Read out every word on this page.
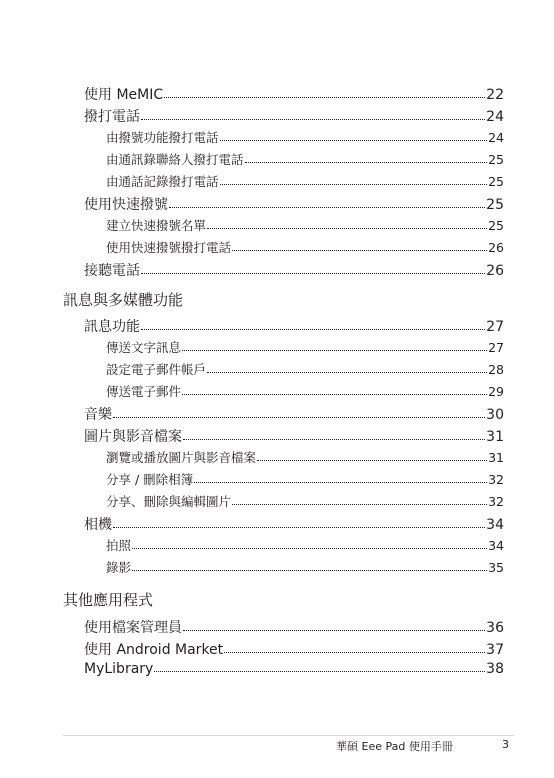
使用 MeMIC	22
撥打電話	24
由撥號功能撥打電話	24
由通訊錄聯絡人撥打電話	25
由通話記錄撥打電話	25
使用快速撥號	25
建立快速撥號名單	25
使用快速撥號撥打電話	26
接聽電話	26
訊息與多媒體功能
訊息功能	27
傳送文字訊息	27
設定電子郵件帳戶	28
傳送電子郵件	29
音樂	30
圖片與影音檔案	31
瀏覽或播放圖片與影音檔案	31
分享 / 刪除相簿	32
分享、刪除與編輯圖片	32
相機	34
拍照	34
錄影	35
其他應用程式
使用檔案管理員	36
使用 Android Market	37
MyLibrary	38
華碩 Eee Pad 使用手冊	3
